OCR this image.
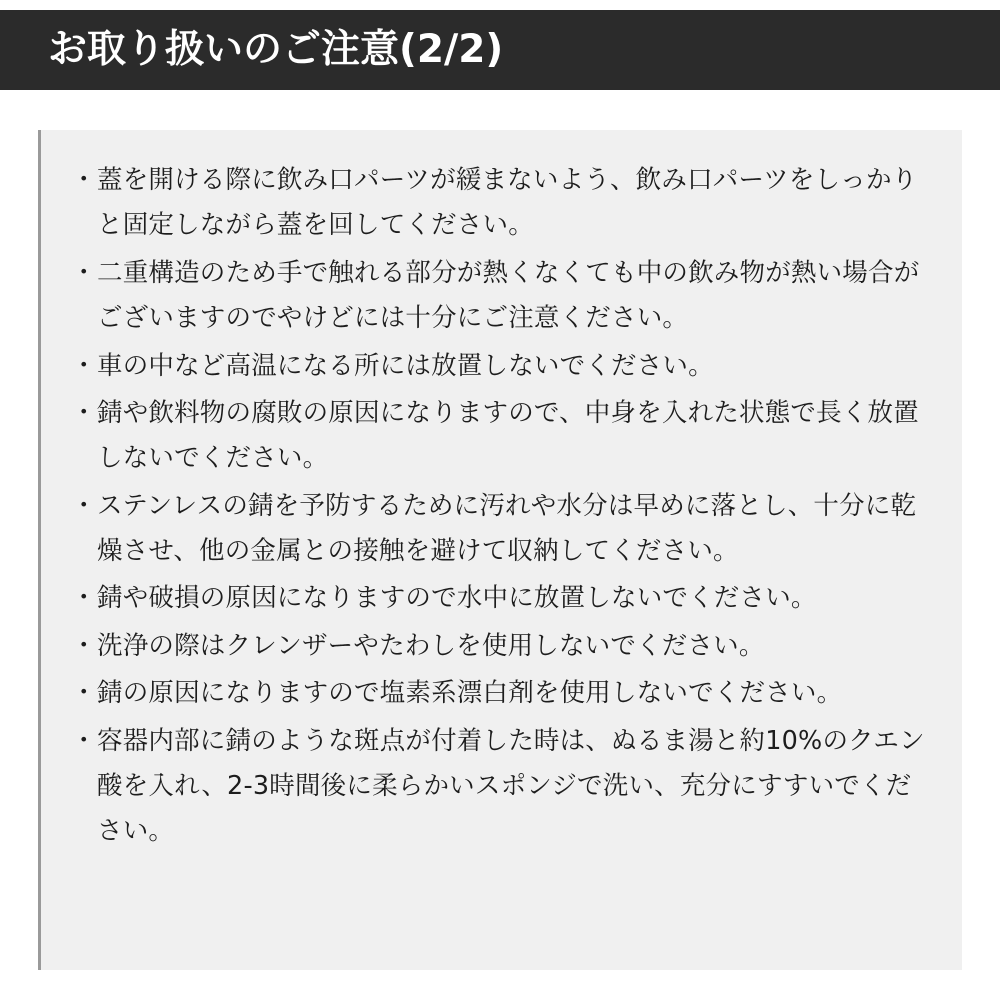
お取り扱いのご注意(2/2)
・ 蓋を開ける際に飲み口パーツが緩まないよう、飲み口パーツをしっかりと固定しながら蓋を回してください。
・ 二重構造のため手で触れる部分が熱くなくても中の飲み物が熱い場合がございますのでやけどには十分にご注意ください。
・ 車の中など高温になる所には放置しないでください。
・ 錆や飲料物の腐敗の原因になりますので、中身を入れた状態で長く放置しないでください。
・ ステンレスの錆を予防するために汚れや水分は早めに落とし、十分に乾燥させ、他の金属との接触を避けて収納してください。
・ 錆や破損の原因になりますので水中に放置しないでください。
・ 洗浄の際はクレンザーやたわしを使用しないでください。
・ 錆の原因になりますので塩素系漂白剤を使用しないでください。
・ 容器内部に錆のような斑点が付着した時は、ぬるま湯と約10%のクエン酸を入れ、2-3時間後に柔らかいスポンジで洗い、充分にすすいでください。
